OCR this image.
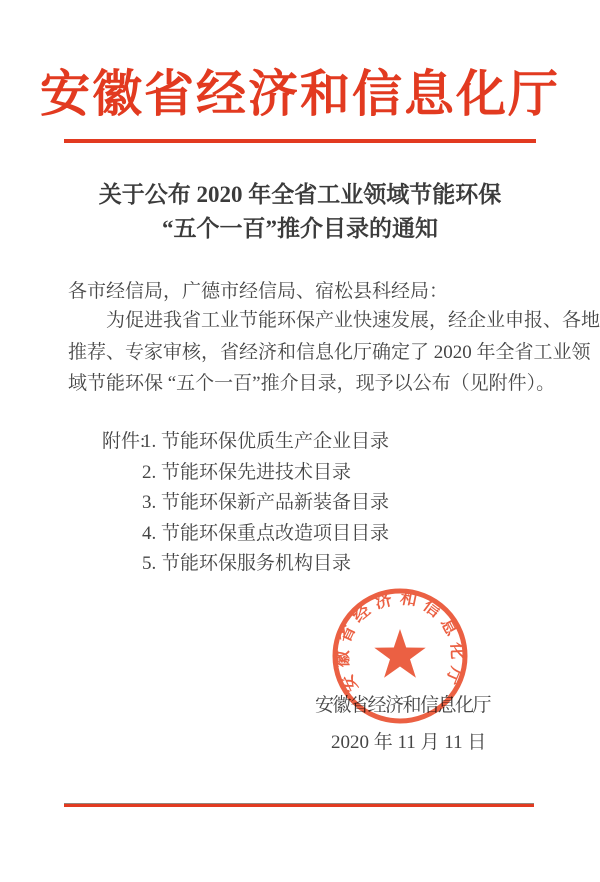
安徽省经济和信息化厅
关于公布 2020 年全省工业领域节能环保
“五个一百”推介目录的通知
各市经信局，广德市经信局、宿松县科经局：
为促进我省工业节能环保产业快速发展，经企业申报、各地
推荐、专家审核，省经济和信息化厅确定了 2020 年全省工业领
域节能环保 “五个一百”推介目录，现予以公布（见附件）。
附件:
1. 节能环保优质生产企业目录
2. 节能环保先进技术目录
3. 节能环保新产品新装备目录
4. 节能环保重点改造项目目录
5. 节能环保服务机构目录
安徽省经济和信息化厅
2020 年 11 月 11 日
安徽省经济和信息化厅
